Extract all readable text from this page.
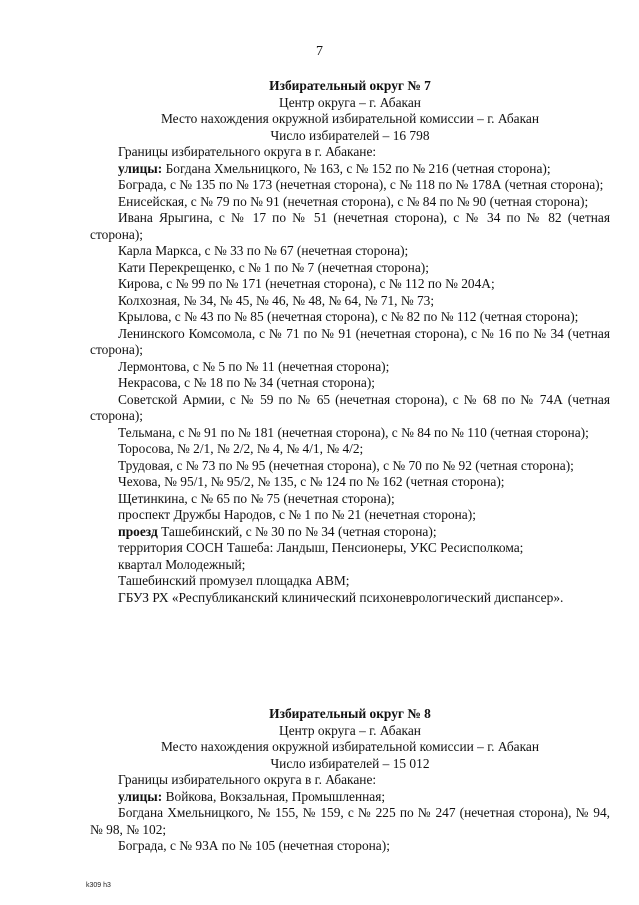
7
Избирательный округ № 7
Центр округа – г. Абакан
Место нахождения окружной избирательной комиссии – г. Абакан
Число избирателей – 16 798

Границы избирательного округа в г. Абакане:

улицы: Богдана Хмельницкого, № 163, с № 152 по № 216 (четная сторона);

Бограда, с № 135 по № 173 (нечетная сторона), с № 118 по № 178А (четная сторона);

Енисейская, с № 79 по № 91 (нечетная сторона), с № 84 по № 90 (четная сторона);

Ивана Ярыгина, с № 17 по № 51 (нечетная сторона), с № 34 по № 82 (четная сторона);

Карла Маркса, с № 33 по № 67 (нечетная сторона);

Кати Перекрещенко, с № 1 по № 7 (нечетная сторона);

Кирова, с № 99 по № 171 (нечетная сторона), с № 112 по № 204А;

Колхозная, № 34, № 45, № 46, № 48, № 64, № 71, № 73;

Крылова, с № 43 по № 85 (нечетная сторона), с № 82 по № 112 (четная сторона);

Ленинского Комсомола, с № 71 по № 91 (нечетная сторона), с № 16 по № 34 (четная сторона);

Лермонтова, с № 5 по № 11 (нечетная сторона);

Некрасова, с № 18 по № 34 (четная сторона);

Советской Армии, с № 59 по № 65 (нечетная сторона), с № 68 по № 74А (четная сторона);

Тельмана, с № 91 по № 181 (нечетная сторона), с № 84 по № 110 (четная сторона);

Торосова, № 2/1, № 2/2, № 4, № 4/1, № 4/2;

Трудовая, с № 73 по № 95 (нечетная сторона), с № 70 по № 92 (четная сторона);

Чехова, № 95/1, № 95/2, № 135, с № 124 по № 162 (четная сторона);

Щетинкина, с № 65 по № 75 (нечетная сторона);

проспект Дружбы Народов, с № 1 по № 21 (нечетная сторона);

проезд Ташебинский, с № 30 по № 34 (четная сторона);

территория СОСН Ташеба: Ландыш, Пенсионеры, УКС Ресисполкома;

квартал Молодежный;

Ташебинский промузел площадка АВМ;

ГБУЗ РХ «Республиканский клинический психоневрологический диспансер».

Избирательный округ № 8
Центр округа – г. Абакан
Место нахождения окружной избирательной комиссии – г. Абакан
Число избирателей – 15 012

Границы избирательного округа в г. Абакане:

улицы: Войкова, Вокзальная, Промышленная;

Богдана Хмельницкого, № 155, № 159, с № 225 по № 247 (нечетная сторона), № 94, № 98, № 102;

Бограда, с № 93А по № 105 (нечетная сторона);

k309 h3
